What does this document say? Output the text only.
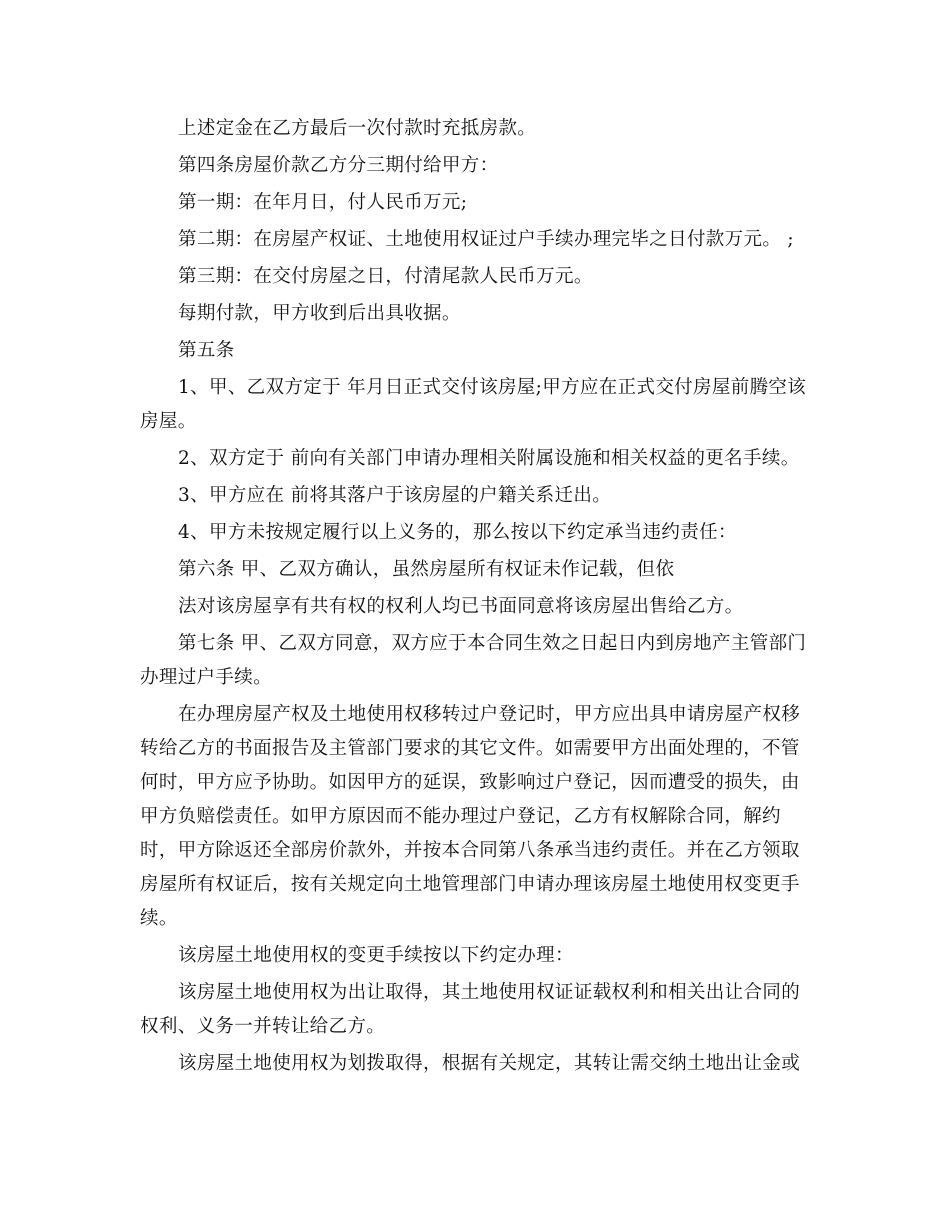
上述定金在乙方最后一次付款时充抵房款。
第四条房屋价款乙方分三期付给甲方：
第一期：在年月日，付人民币万元;
第二期：在房屋产权证、土地使用权证过户手续办理完毕之日付款万元。 ;
第三期：在交付房屋之日，付清尾款人民币万元。
每期付款，甲方收到后出具收据。
第五条
1、甲、乙双方定于 年月日正式交付该房屋;甲方应在正式交付房屋前腾空该
房屋。
2、双方定于 前向有关部门申请办理相关附属设施和相关权益的更名手续。
3、甲方应在 前将其落户于该房屋的户籍关系迁出。
4、甲方未按规定履行以上义务的，那么按以下约定承当违约责任：
第六条 甲、乙双方确认，虽然房屋所有权证未作记载，但依
法对该房屋享有共有权的权利人均已书面同意将该房屋出售给乙方。
第七条 甲、乙双方同意，双方应于本合同生效之日起日内到房地产主管部门
办理过户手续。
在办理房屋产权及土地使用权移转过户登记时，甲方应出具申请房屋产权移
转给乙方的书面报告及主管部门要求的其它文件。如需要甲方出面处理的，不管
何时，甲方应予协助。如因甲方的延误，致影响过户登记，因而遭受的损失，由
甲方负赔偿责任。如甲方原因而不能办理过户登记，乙方有权解除合同，解约
时，甲方除返还全部房价款外，并按本合同第八条承当违约责任。并在乙方领取
房屋所有权证后，按有关规定向土地管理部门申请办理该房屋土地使用权变更手
续。
该房屋土地使用权的变更手续按以下约定办理：
该房屋土地使用权为出让取得，其土地使用权证证载权利和相关出让合同的
权利、义务一并转让给乙方。
该房屋土地使用权为划拨取得，根据有关规定，其转让需交纳土地出让金或
